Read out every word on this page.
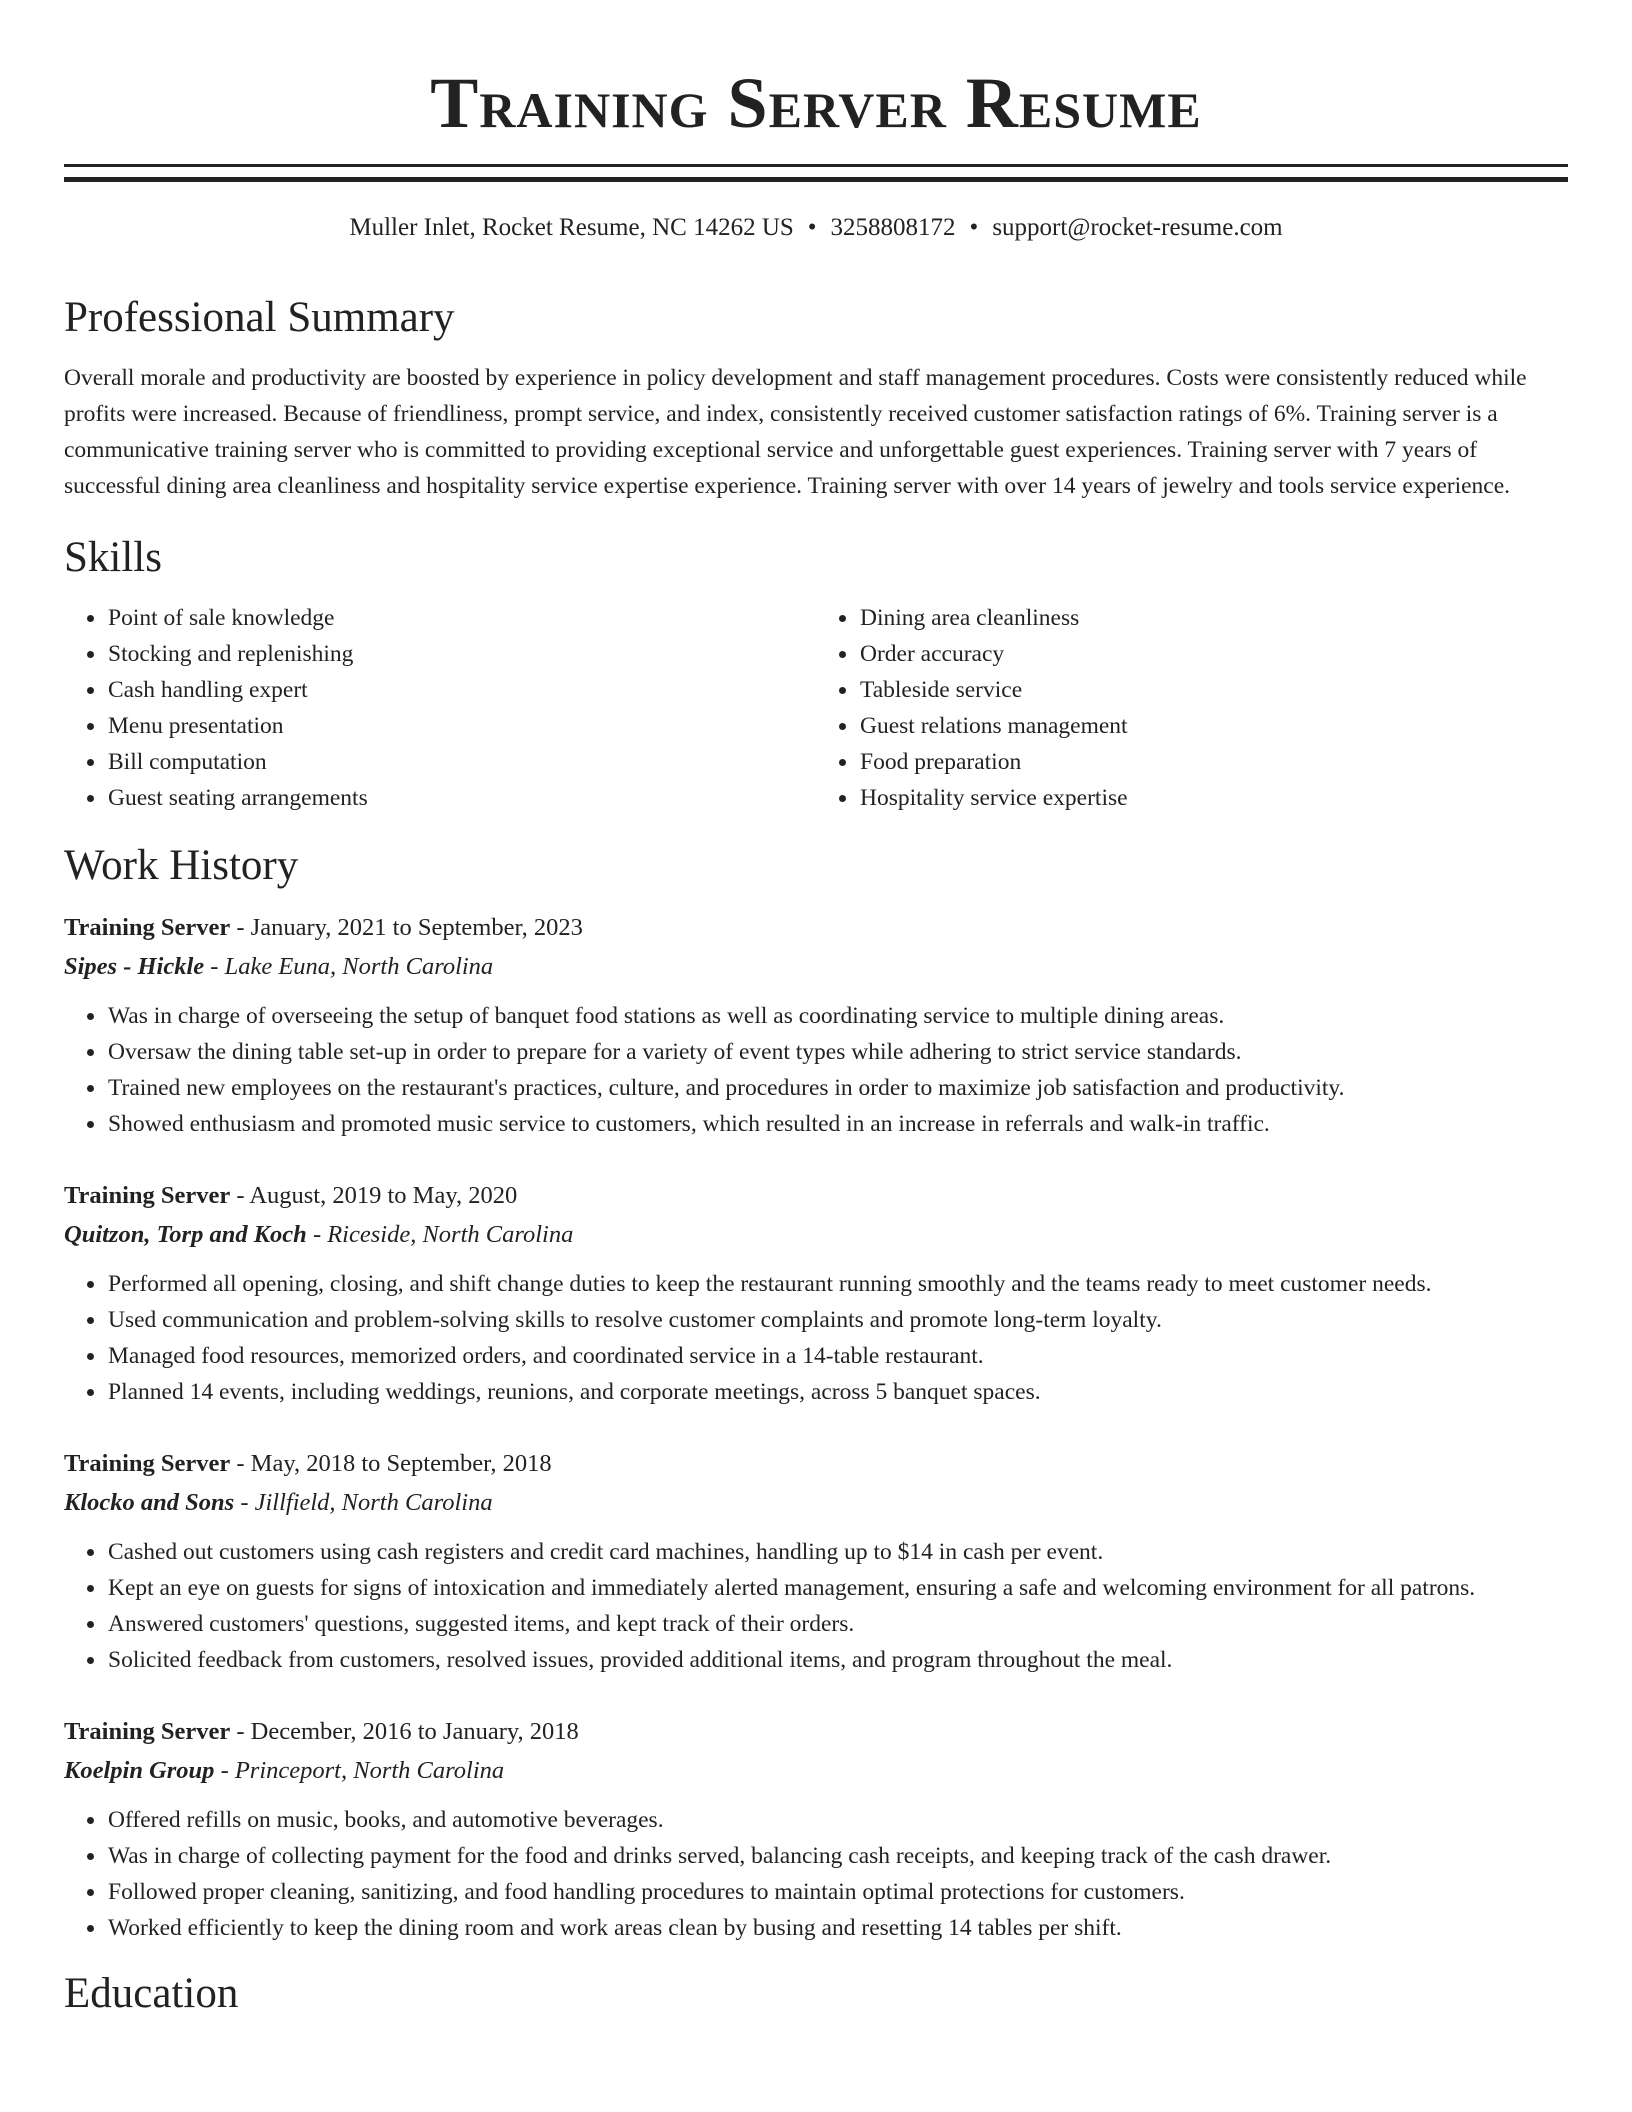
Training Server Resume
Muller Inlet, Rocket Resume, NC 14262 US • 3258808172 • support@rocket-resume.com
Professional Summary

Overall morale and productivity are boosted by experience in policy development and staff management procedures. Costs were consistently reduced while profits were increased. Because of friendliness, prompt service, and index, consistently received customer satisfaction ratings of 6%. Training server is a communicative training server who is committed to providing exceptional service and unforgettable guest experiences. Training server with 7 years of successful dining area cleanliness and hospitality service expertise experience. Training server with over 14 years of jewelry and tools service experience.

Skills
• Point of sale knowledge
• Stocking and replenishing
• Cash handling expert
• Menu presentation
• Bill computation
• Guest seating arrangements
• Dining area cleanliness
• Order accuracy
• Tableside service
• Guest relations management
• Food preparation
• Hospitality service expertise
Work History
Training Server - January, 2021 to September, 2023
Sipes - Hickle - Lake Euna, North Carolina
• Was in charge of overseeing the setup of banquet food stations as well as coordinating service to multiple dining areas.
• Oversaw the dining table set-up in order to prepare for a variety of event types while adhering to strict service standards.
• Trained new employees on the restaurant's practices, culture, and procedures in order to maximize job satisfaction and productivity.
• Showed enthusiasm and promoted music service to customers, which resulted in an increase in referrals and walk-in traffic.
Training Server - August, 2019 to May, 2020
Quitzon, Torp and Koch - Riceside, North Carolina
• Performed all opening, closing, and shift change duties to keep the restaurant running smoothly and the teams ready to meet customer needs.
• Used communication and problem-solving skills to resolve customer complaints and promote long-term loyalty.
• Managed food resources, memorized orders, and coordinated service in a 14-table restaurant.
• Planned 14 events, including weddings, reunions, and corporate meetings, across 5 banquet spaces.
Training Server - May, 2018 to September, 2018
Klocko and Sons - Jillfield, North Carolina
• Cashed out customers using cash registers and credit card machines, handling up to $14 in cash per event.
• Kept an eye on guests for signs of intoxication and immediately alerted management, ensuring a safe and welcoming environment for all patrons.
• Answered customers' questions, suggested items, and kept track of their orders.
• Solicited feedback from customers, resolved issues, provided additional items, and program throughout the meal.
Training Server - December, 2016 to January, 2018
Koelpin Group - Princeport, North Carolina
• Offered refills on music, books, and automotive beverages.
• Was in charge of collecting payment for the food and drinks served, balancing cash receipts, and keeping track of the cash drawer.
• Followed proper cleaning, sanitizing, and food handling procedures to maintain optimal protections for customers.
• Worked efficiently to keep the dining room and work areas clean by busing and resetting 14 tables per shift.
Education
